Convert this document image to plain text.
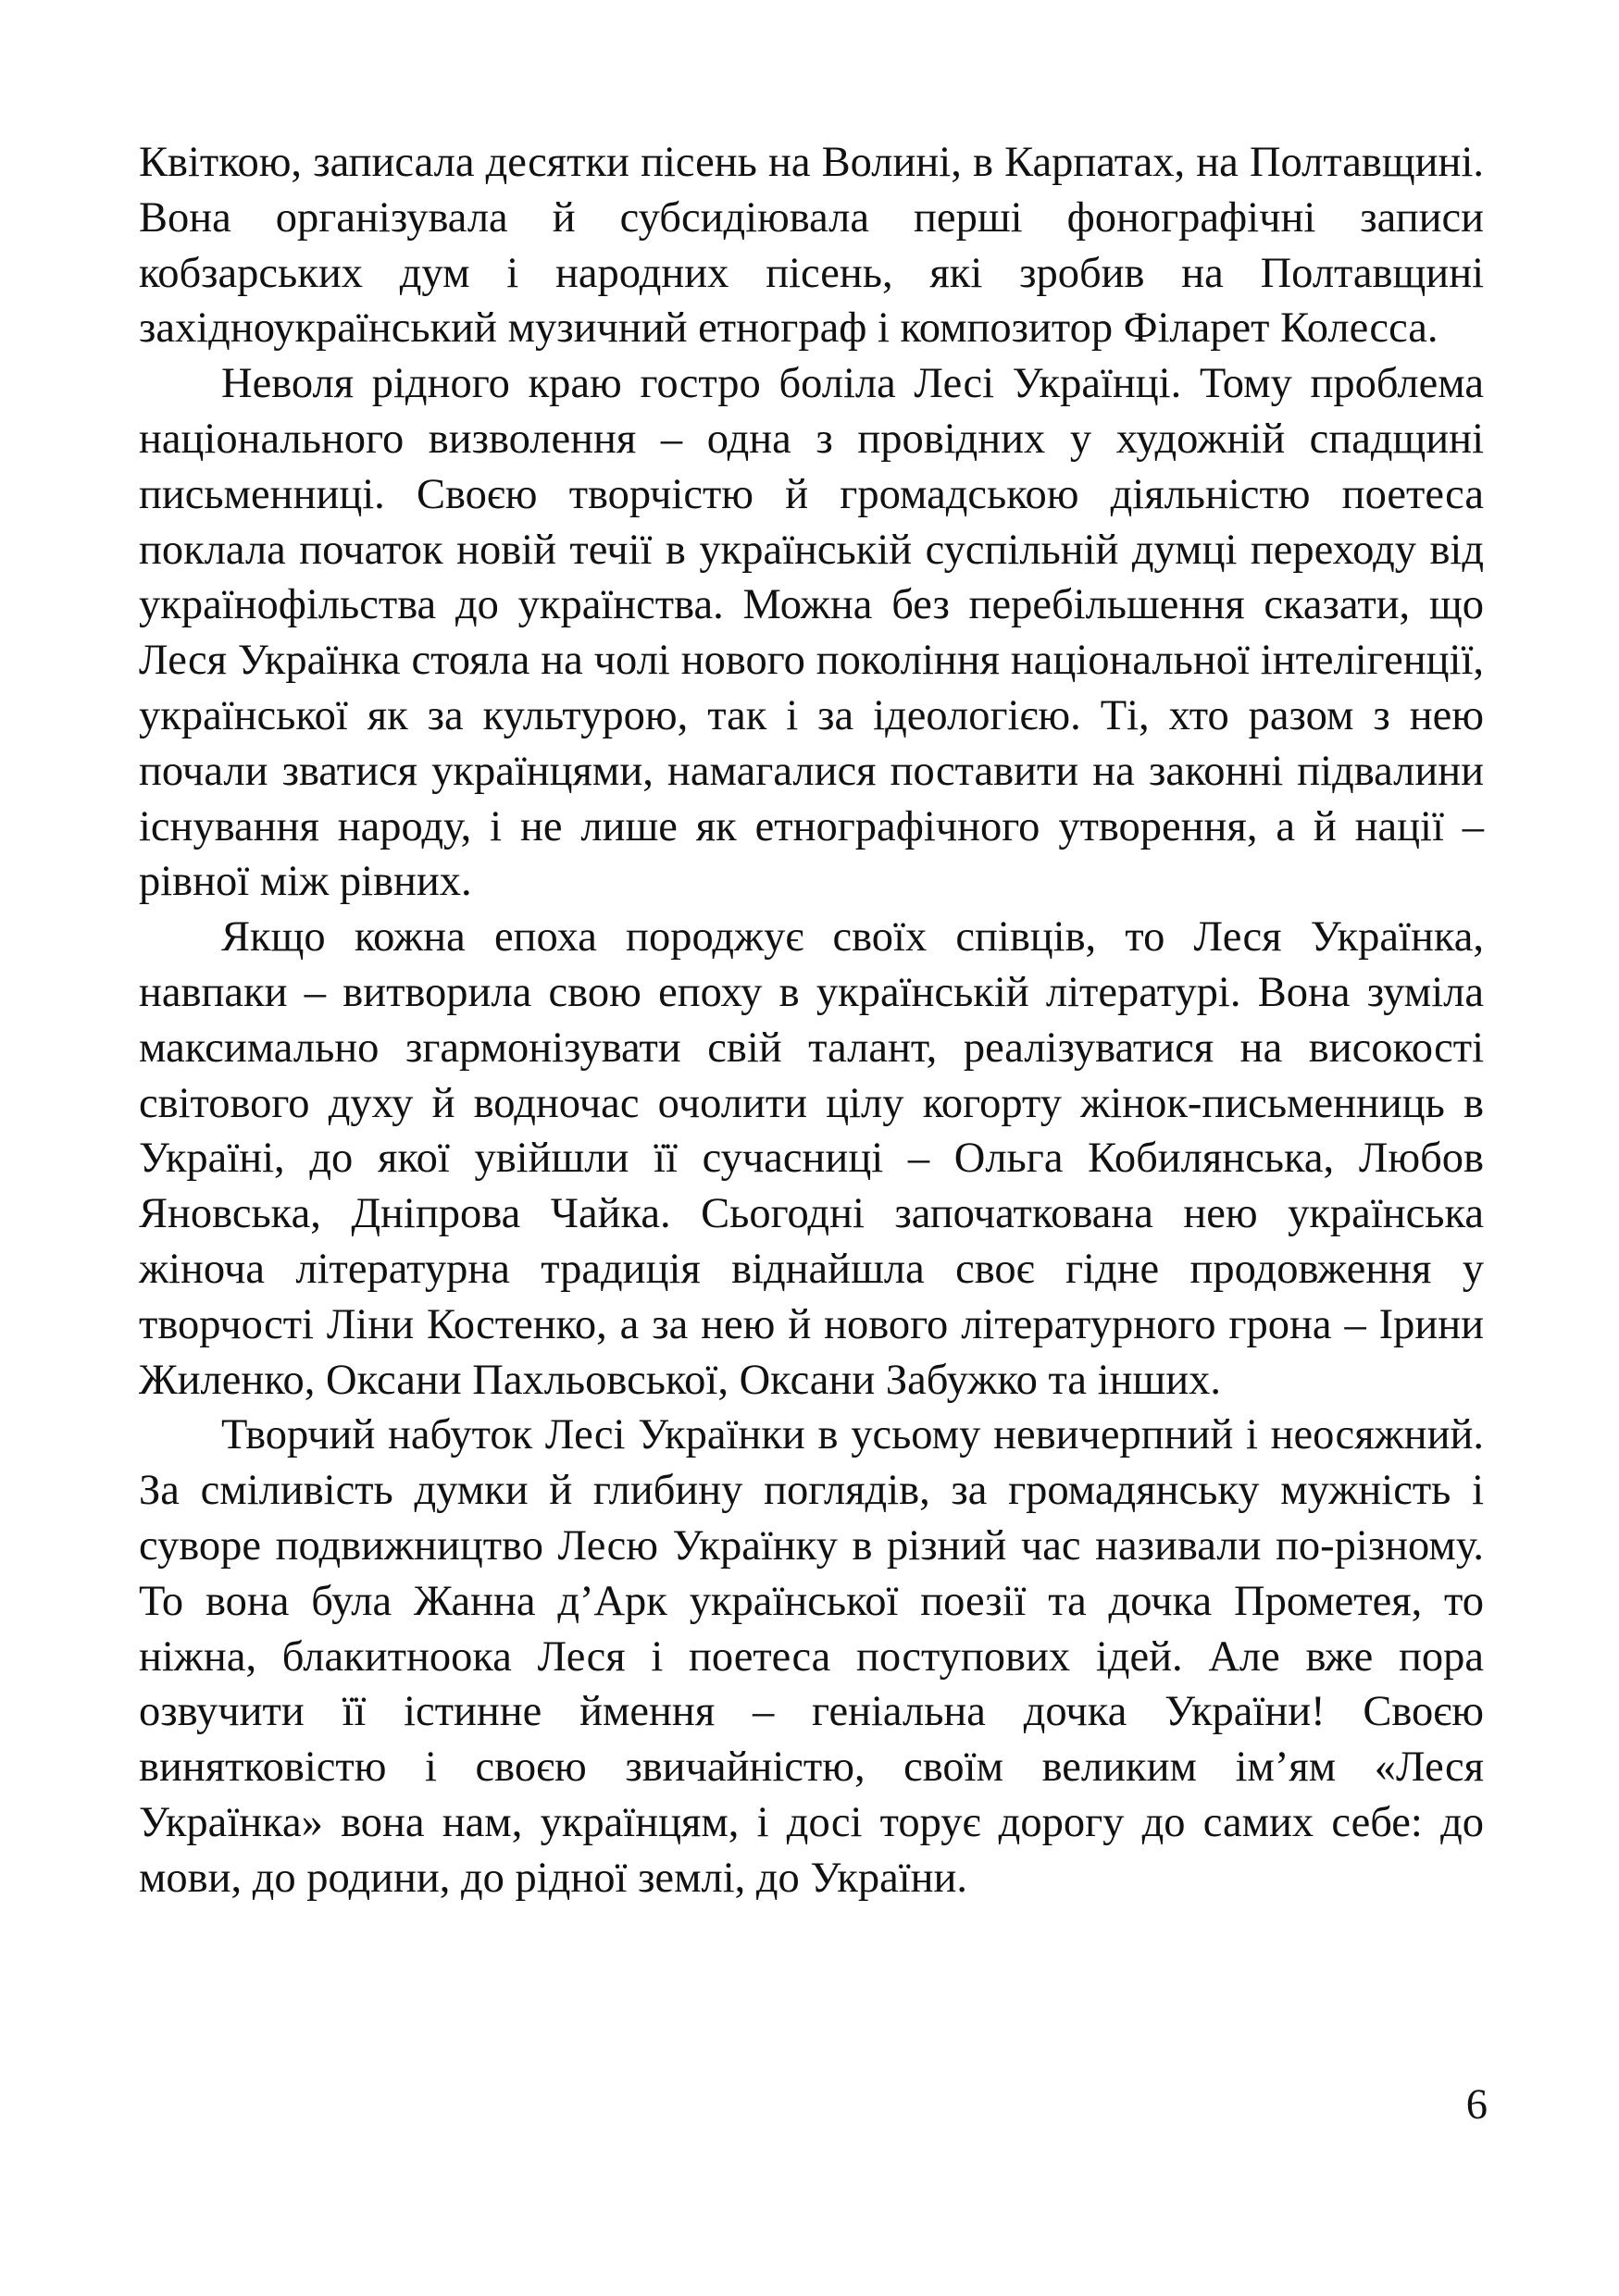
Квіткою, записала десятки пісень на Волині, в Карпатах, на Полтавщині. Вона організувала й субсидіювала перші фонографічні записи кобзарських дум і народних пісень, які зробив на Полтавщині західноукраїнський музичний етнограф і композитор Філарет Колесса.

Неволя рідного краю гостро боліла Лесі Українці. Тому проблема національного визволення – одна з провідних у художній спадщині письменниці. Своєю творчістю й громадською діяльністю поетеса поклала початок новій течії в українській суспільній думці переходу від українофільства до українства. Можна без перебільшення сказати, що Леся Українка стояла на чолі нового покоління національної інтелігенції, української як за культурою, так і за ідеологією. Ті, хто разом з нею почали зватися українцями, намагалися поставити на законні підвалини існування народу, і не лише як етнографічного утворення, а й нації – рівної між рівних.

Якщо кожна епоха породжує своїх співців, то Леся Українка, навпаки – витворила свою епоху в українській літературі. Вона зуміла максимально згармонізувати свій талант, реалізуватися на високості світового духу й водночас очолити цілу когорту жінок-письменниць в Україні, до якої увійшли її сучасниці – Ольга Кобилянська, Любов Яновська, Дніпрова Чайка. Сьогодні започаткована нею українська жіноча літературна традиція віднайшла своє гідне продовження у творчості Ліни Костенко, а за нею й нового літературного грона – Ірини Жиленко, Оксани Пахльовської, Оксани Забужко та інших.

Творчий набуток Лесі Українки в усьому невичерпний і неосяжний. За сміливість думки й глибину поглядів, за громадянську мужність і суворе подвижництво Лесю Українку в різний час називали по-різному. То вона була Жанна д’Арк української поезії та дочка Прометея, то ніжна, блакитноока Леся і поетеса поступових ідей. Але вже пора озвучити її істинне ймення – геніальна дочка України! Своєю винятковістю і своєю звичайністю, своїм великим ім’ям «Леся Українка» вона нам, українцям, і досі торує дорогу до самих себе: до мови, до родини, до рідної землі, до України.

6
